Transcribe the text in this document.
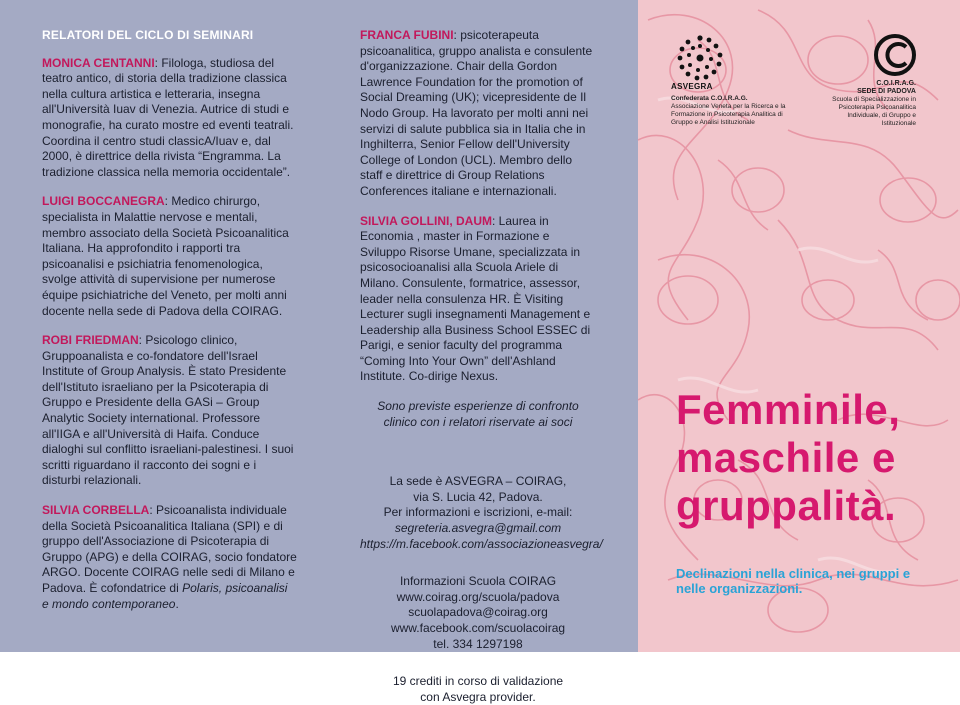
RELATORI DEL CICLO DI SEMINARI
MONICA CENTANNI: Filologa, studiosa del teatro antico, di storia della tradizione classica nella cultura artistica e letteraria, insegna all'Università Iuav di Venezia. Autrice di studi e monografie, ha curato mostre ed eventi teatrali. Coordina il centro studi classicA/Iuav e, dal 2000, è direttrice della rivista “Engramma. La tradizione classica nella memoria occidentale”.
LUIGI BOCCANEGRA: Medico chirurgo, specialista in Malattie nervose e mentali, membro associato della Società Psicoanalitica Italiana. Ha approfondito i rapporti tra psicoanalisi e psichiatria fenomenologica, svolge attività di supervisione per numerose équipe psichiatriche del Veneto, per molti anni docente nella sede di Padova della COIRAG.
ROBI FRIEDMAN: Psicologo clinico, Gruppoanalista e co-fondatore dell'Israel Institute of Group Analysis. È stato Presidente dell'Istituto israeliano per la Psicoterapia di Gruppo e Presidente della GASi – Group Analytic Society international. Professore all'IIGA e all'Università di Haifa. Conduce dialoghi sul conflitto israeliani-palestinesi. I suoi scritti riguardano il racconto dei sogni e i disturbi relazionali.
SILVIA CORBELLA: Psicoanalista individuale della Società Psicoanalitica Italiana (SPI) e di gruppo dell'Associazione di Psicoterapia di Gruppo (APG) e della COIRAG, socio fondatore ARGO. Docente COIRAG nelle sedi di Milano e Padova. È cofondatrice di Polaris, psicoanalisi e mondo contemporaneo.
FRANCA FUBINI: psicoterapeuta psicoanalitica, gruppo analista e consulente d'organizzazione. Chair della Gordon Lawrence Foundation for the promotion of Social Dreaming (UK); vicepresidente de Il Nodo Group. Ha lavorato per molti anni nei servizi di salute pubblica sia in Italia che in Inghilterra, Senior Fellow dell'University College of London (UCL). Membro dello staff e direttrice di Group Relations Conferences italiane e internazionali.
SILVIA GOLLINI, DAUM: Laurea in Economia , master in Formazione e Sviluppo Risorse Umane, specializzata in psicosocioanalisi alla Scuola Ariele di Milano. Consulente, formatrice, assessor, leader nella consulenza HR. È Visiting Lecturer sugli insegnamenti Management e Leadership alla Business School ESSEC di Parigi, e senior faculty del programma “Coming Into Your Own” dell'Ashland Institute. Co-dirige Nexus.
Sono previste esperienze di confronto clinico con i relatori riservate ai soci
La sede è ASVEGRA – COIRAG,
via S. Lucia 42, Padova.
Per informazioni e iscrizioni, e-mail:
segreteria.asvegra@gmail.com
https://m.facebook.com/associazioneasvegra/
Informazioni Scuola COIRAG
www.coirag.org/scuola/padova
scuolapadova@coirag.org
www.facebook.com/scuolacoirag
tel. 334 1297198
19 crediti in corso di validazione
con Asvegra provider.
ASVEGRA
Confederata C.O.I.R.A.G.
Associazione Veneta per la Ricerca e la Formazione in Psicoterapia Analitica di Gruppo e Analisi Istituzionale
C.O.I.R.A.G.
SEDE DI PADOVA
Scuola di Specializzazione in Psicoterapia Psicoanalitica Individuale, di Gruppo e Istituzionale
Femminile,
maschile e
gruppalità.
Declinazioni nella clinica, nei gruppi e nelle organizzazioni.
